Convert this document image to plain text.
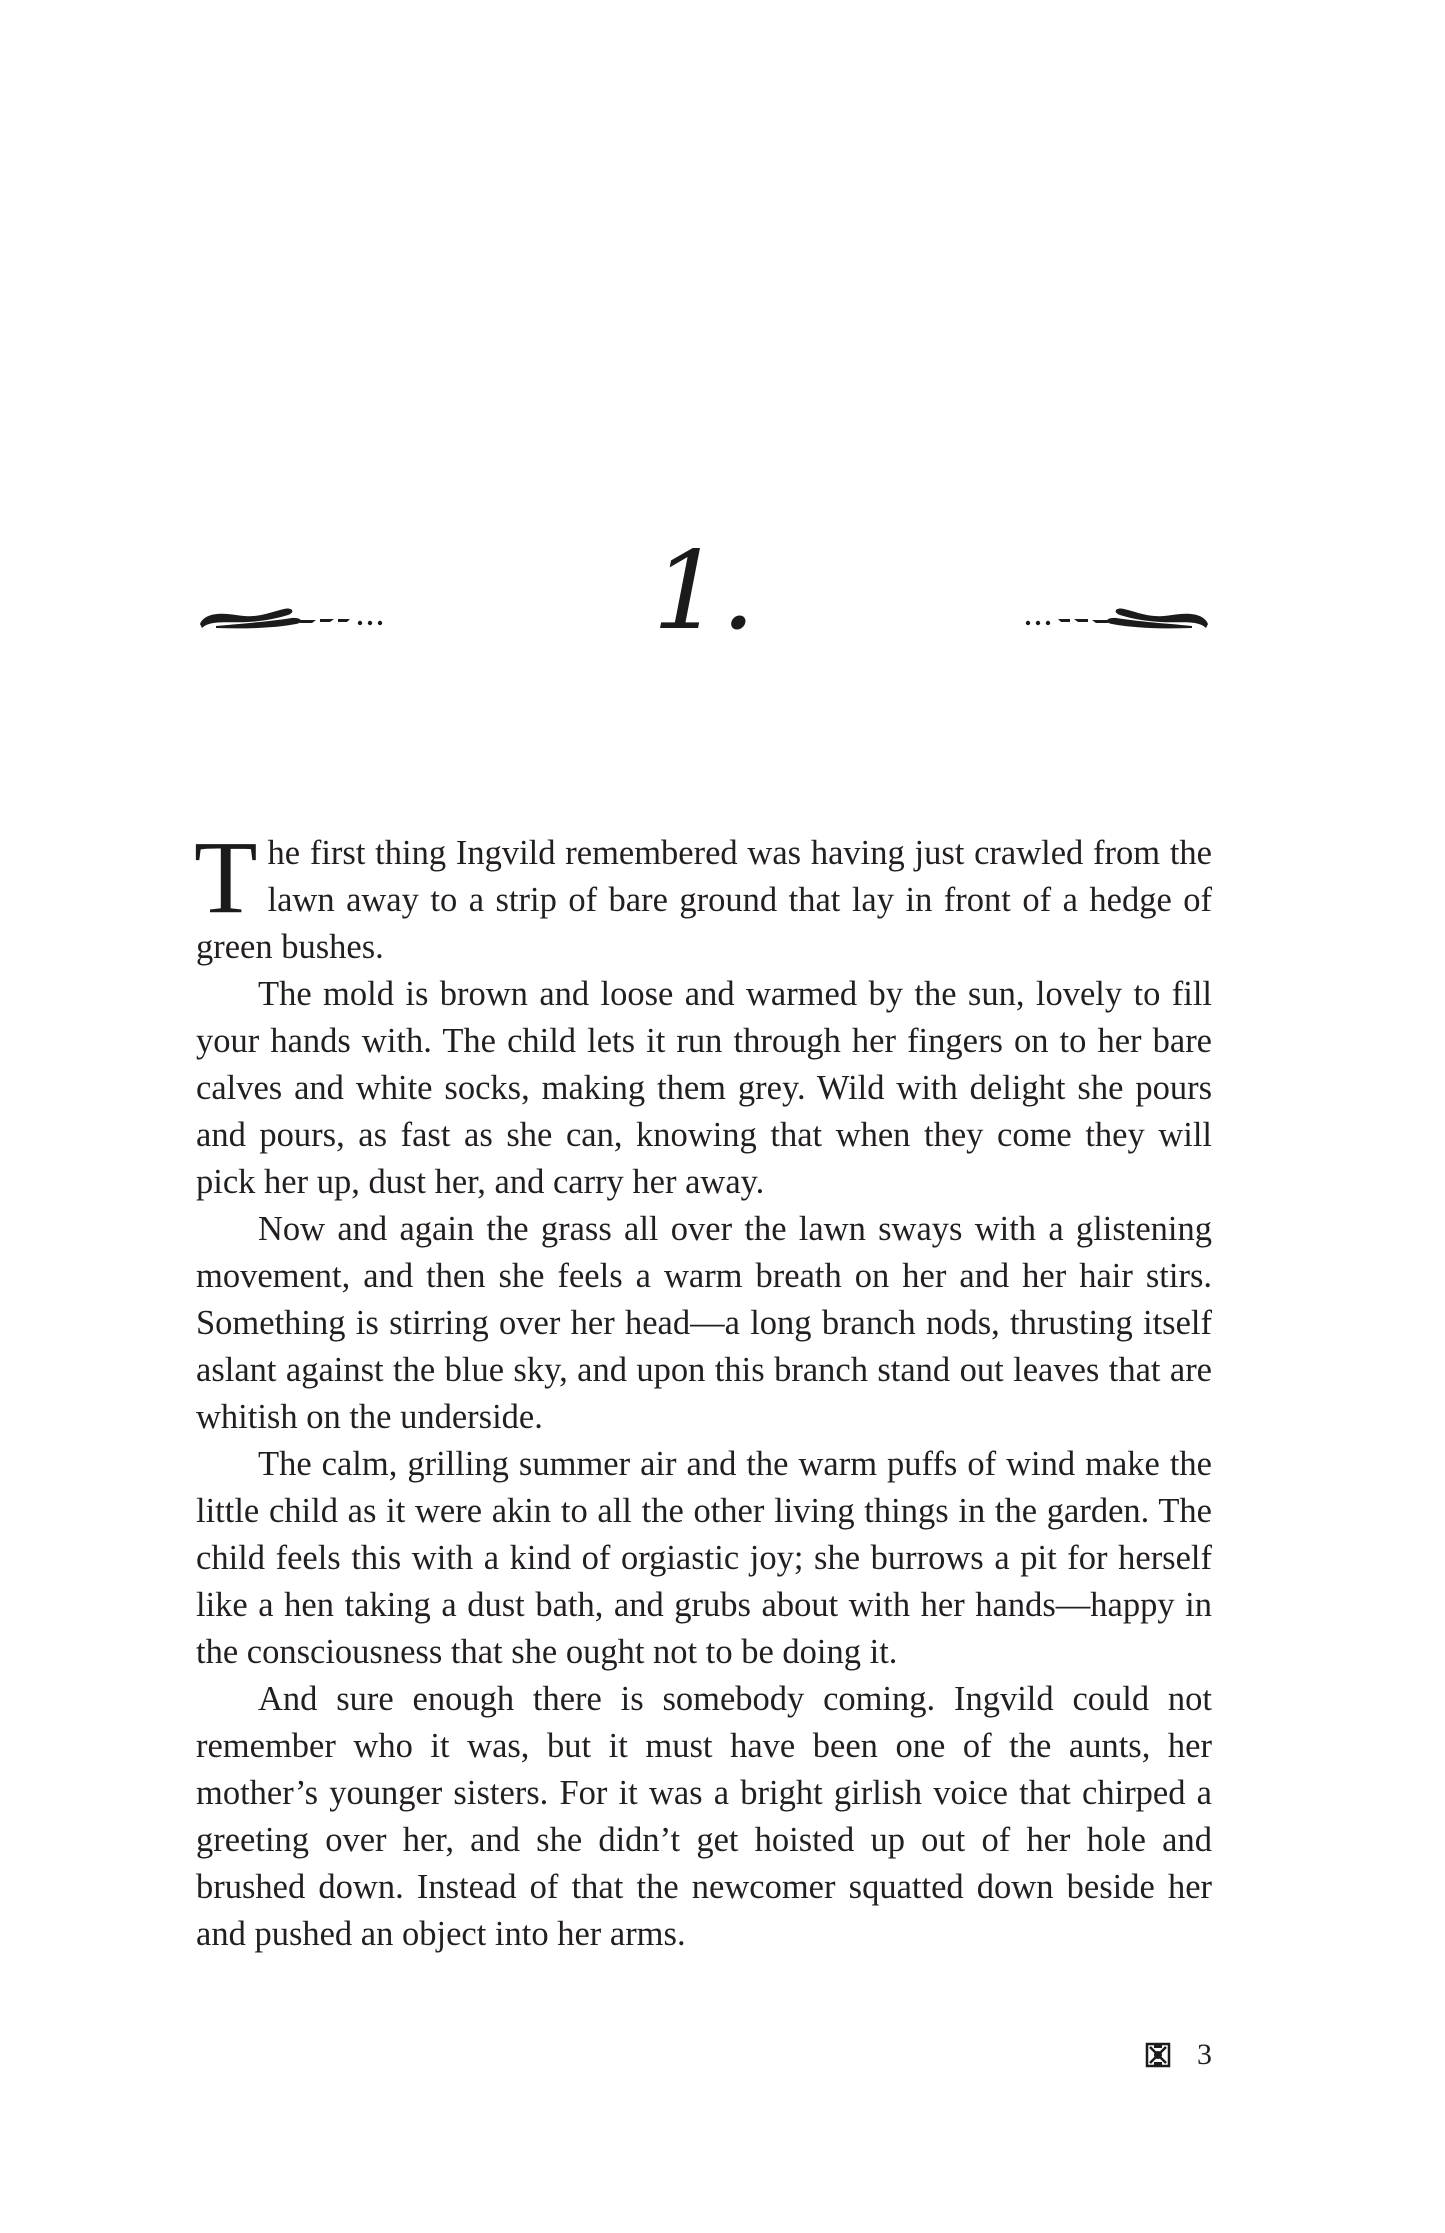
1.

The first thing Ingvild remembered was having just crawled from the lawn away to a strip of bare ground that lay in front of a hedge of green bushes.

The mold is brown and loose and warmed by the sun, lovely to fill your hands with. The child lets it run through her fingers on to her bare calves and white socks, making them grey. Wild with delight she pours and pours, as fast as she can, knowing that when they come they will pick her up, dust her, and carry her away.

Now and again the grass all over the lawn sways with a glistening movement, and then she feels a warm breath on her and her hair stirs. Something is stirring over her head—a long branch nods, thrusting itself aslant against the blue sky, and upon this branch stand out leaves that are whitish on the underside.

The calm, grilling summer air and the warm puffs of wind make the little child as it were akin to all the other living things in the garden. The child feels this with a kind of orgiastic joy; she burrows a pit for herself like a hen taking a dust bath, and grubs about with her hands—happy in the consciousness that she ought not to be doing it.

And sure enough there is somebody coming. Ingvild could not remember who it was, but it must have been one of the aunts, her mother’s younger sisters. For it was a bright girlish voice that chirped a greeting over her, and she didn’t get hoisted up out of her hole and brushed down. Instead of that the newcomer squatted down beside her and pushed an object into her arms.

3
